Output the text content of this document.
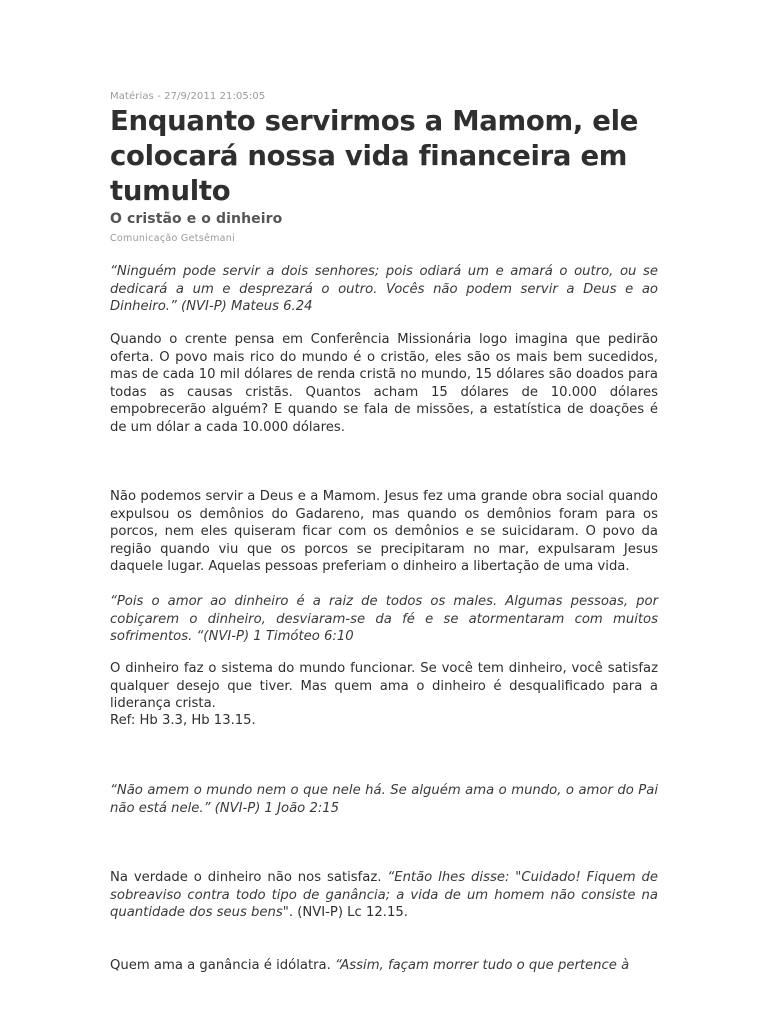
Matérias - 27/9/2011 21:05:05
Enquanto servirmos a Mamom, ele colocará nossa vida financeira em tumulto
O cristão e o dinheiro
Comunicação Getsêmani

“Ninguém pode servir a dois senhores; pois odiará um e amará o outro, ou se dedicará a um e desprezará o outro. Vocês não podem servir a Deus e ao Dinheiro.” (NVI-P) Mateus 6.24

Quando o crente pensa em Conferência Missionária logo imagina que pedirão oferta. O povo mais rico do mundo é o cristão, eles são os mais bem sucedidos, mas de cada 10 mil dólares de renda cristã no mundo, 15 dólares são doados para todas as causas cristãs. Quantos acham 15 dólares de 10.000 dólares empobrecerão alguém? E quando se fala de missões, a estatística de doações é de um dólar a cada 10.000 dólares.

Não podemos servir a Deus e a Mamom. Jesus fez uma grande obra social quando expulsou os demônios do Gadareno, mas quando os demônios foram para os porcos, nem eles quiseram ficar com os demônios e se suicidaram. O povo da região quando viu que os porcos se precipitaram no mar, expulsaram Jesus daquele lugar. Aquelas pessoas preferiam o dinheiro a libertação de uma vida.

“Pois o amor ao dinheiro é a raiz de todos os males. Algumas pessoas, por cobiçarem o dinheiro, desviaram-se da fé e se atormentaram com muitos sofrimentos. “(NVI-P) 1 Timóteo 6:10

O dinheiro faz o sistema do mundo funcionar. Se você tem dinheiro, você satisfaz qualquer desejo que tiver. Mas quem ama o dinheiro é desqualificado para a liderança crista.

Ref: Hb 3.3, Hb 13.15.

“Não amem o mundo nem o que nele há. Se alguém ama o mundo, o amor do Pai não está nele.” (NVI-P) 1 João 2:15

Na verdade o dinheiro não nos satisfaz. “Então lhes disse: "Cuidado! Fiquem de sobreaviso contra todo tipo de ganância; a vida de um homem não consiste na quantidade dos seus bens". (NVI-P) Lc 12.15.

Quem ama a ganância é idólatra. “Assim, façam morrer tudo o que pertence à
